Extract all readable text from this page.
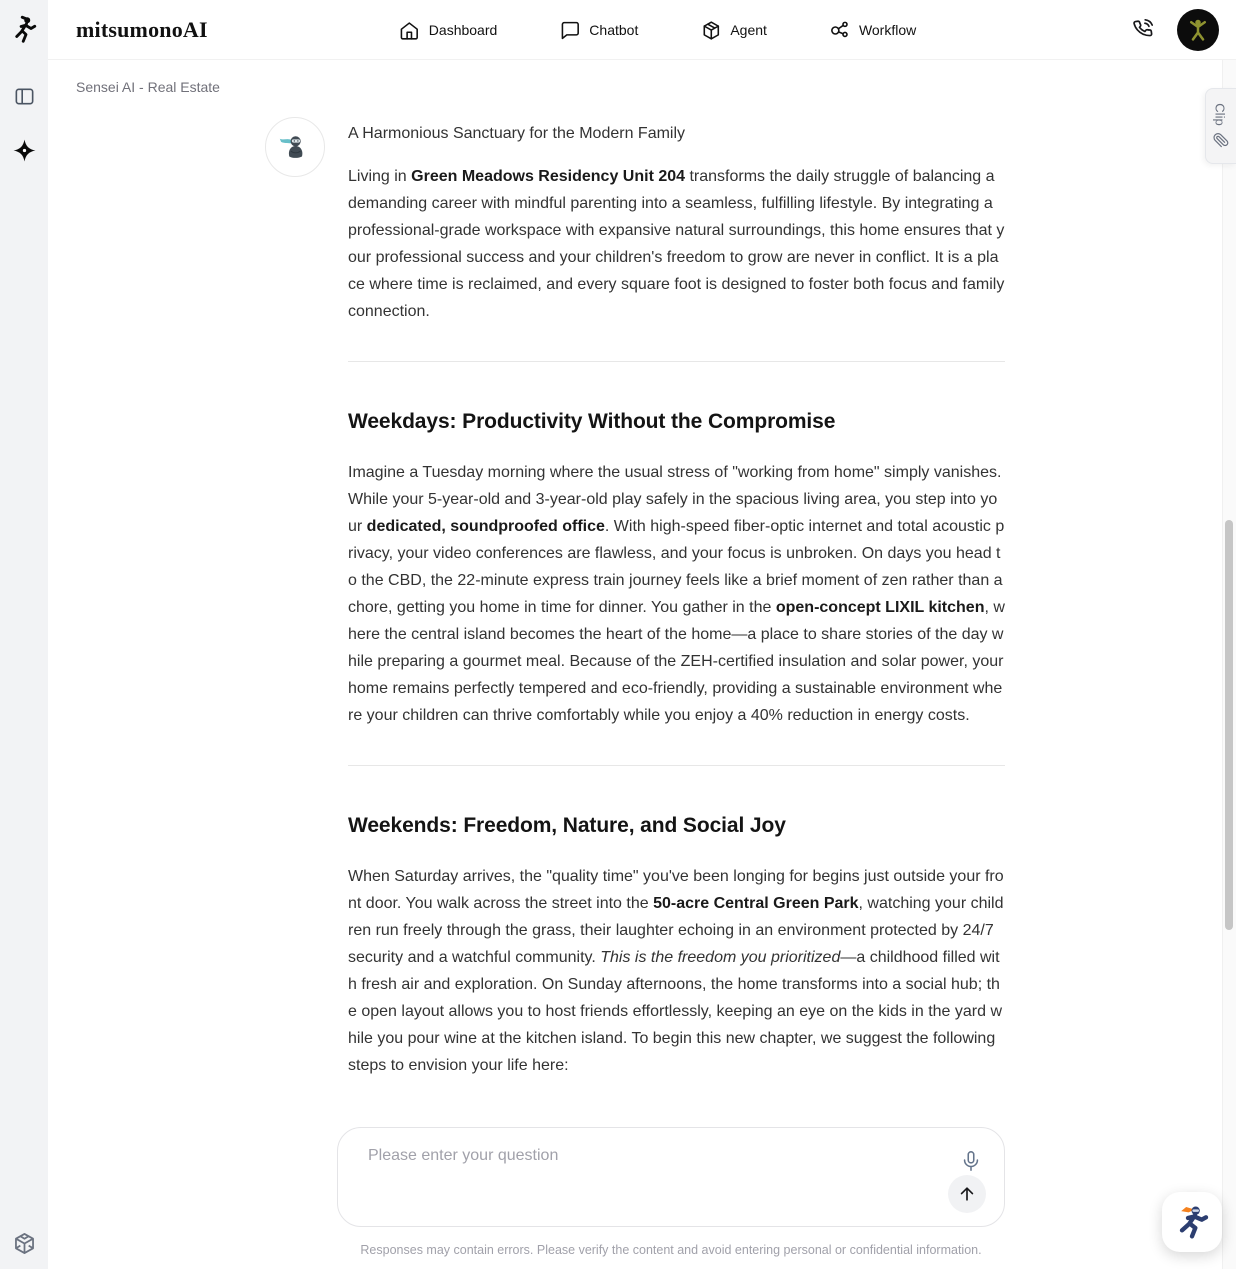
mitsumonoAI	Dashboard	Chatbot	Agent	Workflow
Sensei AI - Real Estate

A Harmonious Sanctuary for the Modern Family

Living in Green Meadows Residency Unit 204 transforms the daily struggle of balancing a demanding career with mindful parenting into a seamless, fulfilling lifestyle. By integrating a professional-grade workspace with expansive natural surroundings, this home ensures that your professional success and your children's freedom to grow are never in conflict. It is a place where time is reclaimed, and every square foot is designed to foster both focus and family connection.

Weekdays: Productivity Without the Compromise

Imagine a Tuesday morning where the usual stress of "working from home" simply vanishes. While your 5-year-old and 3-year-old play safely in the spacious living area, you step into your dedicated, soundproofed office. With high-speed fiber-optic internet and total acoustic privacy, your video conferences are flawless, and your focus is unbroken. On days you head to the CBD, the 22-minute express train journey feels like a brief moment of zen rather than a chore, getting you home in time for dinner. You gather in the open-concept LIXIL kitchen, where the central island becomes the heart of the home—a place to share stories of the day while preparing a gourmet meal. Because of the ZEH-certified insulation and solar power, your home remains perfectly tempered and eco-friendly, providing a sustainable environment where your children can thrive comfortably while you enjoy a 40% reduction in energy costs.

Weekends: Freedom, Nature, and Social Joy

When Saturday arrives, the "quality time" you've been longing for begins just outside your front door. You walk across the street into the 50-acre Central Green Park, watching your children run freely through the grass, their laughter echoing in an environment protected by 24/7 security and a watchful community. This is the freedom you prioritized—a childhood filled with fresh air and exploration. On Sunday afternoons, the home transforms into a social hub; the open layout allows you to host friends effortlessly, keeping an eye on the kids in the yard while you pour wine at the kitchen island. To begin this new chapter, we suggest the following steps to envision your life here:

Please enter your question
Responses may contain errors. Please verify the content and avoid entering personal or confidential information.
Clip
